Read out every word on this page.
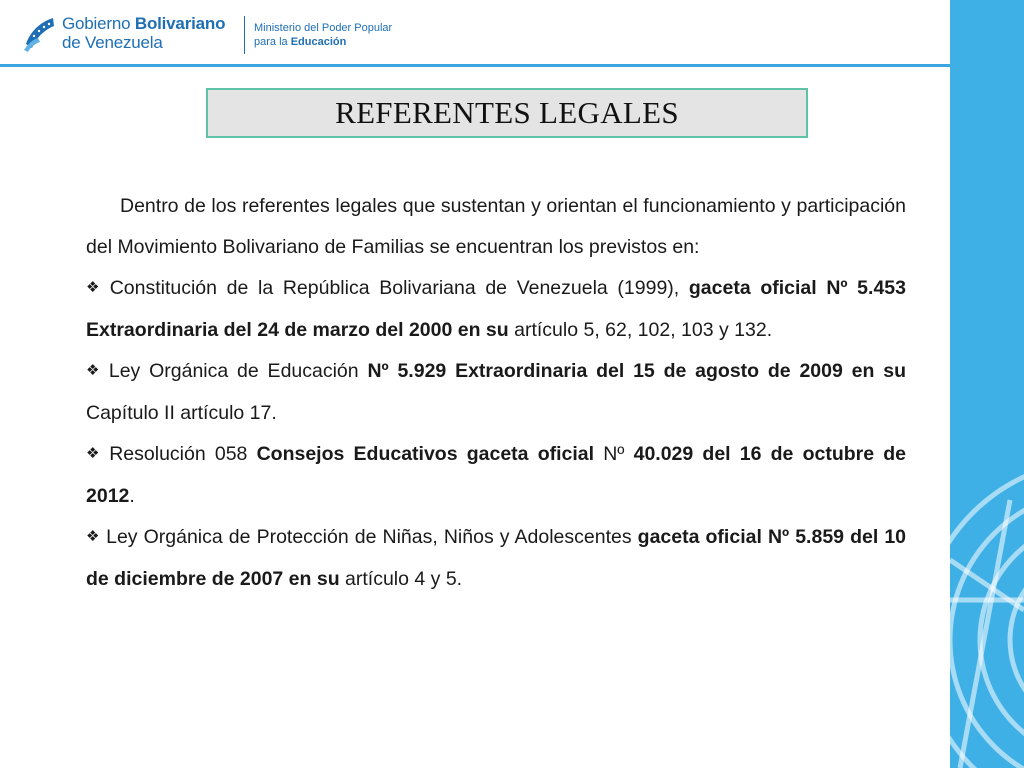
Gobierno Bolivariano
de Venezuela
Ministerio del Poder Popular
para la Educación
REFERENTES LEGALES

Dentro de los referentes legales que sustentan y orientan el funcionamiento y participación del Movimiento Bolivariano de Familias se encuentran los previstos en:

❖ Constitución de la República Bolivariana de Venezuela (1999), gaceta oficial Nº 5.453 Extraordinaria del 24 de marzo del 2000 en su artículo 5, 62, 102, 103 y 132.

❖ Ley Orgánica de Educación Nº 5.929 Extraordinaria del 15 de agosto de 2009 en su Capítulo II artículo 17.

❖ Resolución 058 Consejos Educativos gaceta oficial Nº 40.029 del 16 de octubre de 2012.

❖ Ley Orgánica de Protección de Niñas, Niños y Adolescentes gaceta oficial Nº 5.859 del 10 de diciembre de 2007 en su artículo 4 y 5.
